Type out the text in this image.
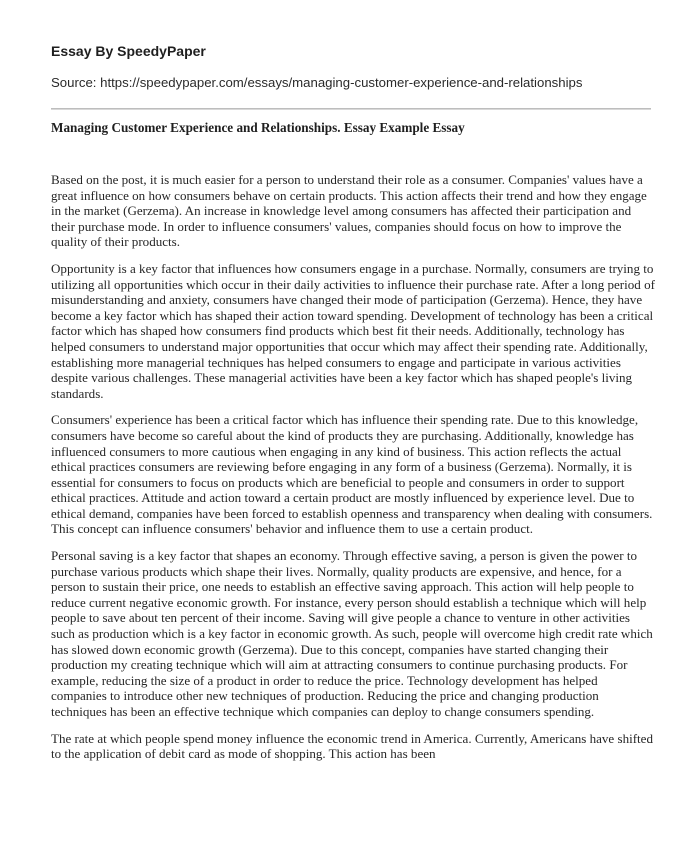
Essay By SpeedyPaper

Source: https://speedypaper.com/essays/managing-customer-experience-and-relationships

Managing Customer Experience and Relationships. Essay Example Essay

Based on the post, it is much easier for a person to understand their role as a consumer. Companies' values have a great influence on how consumers behave on certain products. This action affects their trend and how they engage in the market (Gerzema). An increase in knowledge level among consumers has affected their participation and their purchase mode. In order to influence consumers' values, companies should focus on how to improve the quality of their products.

Opportunity is a key factor that influences how consumers engage in a purchase. Normally, consumers are trying to utilizing all opportunities which occur in their daily activities to influence their purchase rate. After a long period of misunderstanding and anxiety, consumers have changed their mode of participation (Gerzema). Hence, they have become a key factor which has shaped their action toward spending. Development of technology has been a critical factor which has shaped how consumers find products which best fit their needs. Additionally, technology has helped consumers to understand major opportunities that occur which may affect their spending rate. Additionally, establishing more managerial techniques has helped consumers to engage and participate in various activities despite various challenges. These managerial activities have been a key factor which has shaped people's living standards.

Consumers' experience has been a critical factor which has influence their spending rate. Due to this knowledge, consumers have become so careful about the kind of products they are purchasing. Additionally, knowledge has influenced consumers to more cautious when engaging in any kind of business. This action reflects the actual ethical practices consumers are reviewing before engaging in any form of a business (Gerzema). Normally, it is essential for consumers to focus on products which are beneficial to people and consumers in order to support ethical practices. Attitude and action toward a certain product are mostly influenced by experience level. Due to ethical demand, companies have been forced to establish openness and transparency when dealing with consumers. This concept can influence consumers' behavior and influence them to use a certain product.

Personal saving is a key factor that shapes an economy. Through effective saving, a person is given the power to purchase various products which shape their lives. Normally, quality products are expensive, and hence, for a person to sustain their price, one needs to establish an effective saving approach. This action will help people to reduce current negative economic growth. For instance, every person should establish a technique which will help people to save about ten percent of their income. Saving will give people a chance to venture in other activities such as production which is a key factor in economic growth. As such, people will overcome high credit rate which has slowed down economic growth (Gerzema). Due to this concept, companies have started changing their production my creating technique which will aim at attracting consumers to continue purchasing products. For example, reducing the size of a product in order to reduce the price. Technology development has helped companies to introduce other new techniques of production. Reducing the price and changing production techniques has been an effective technique which companies can deploy to change consumers spending.

The rate at which people spend money influence the economic trend in America. Currently, Americans have shifted to the application of debit card as mode of shopping. This action has been
